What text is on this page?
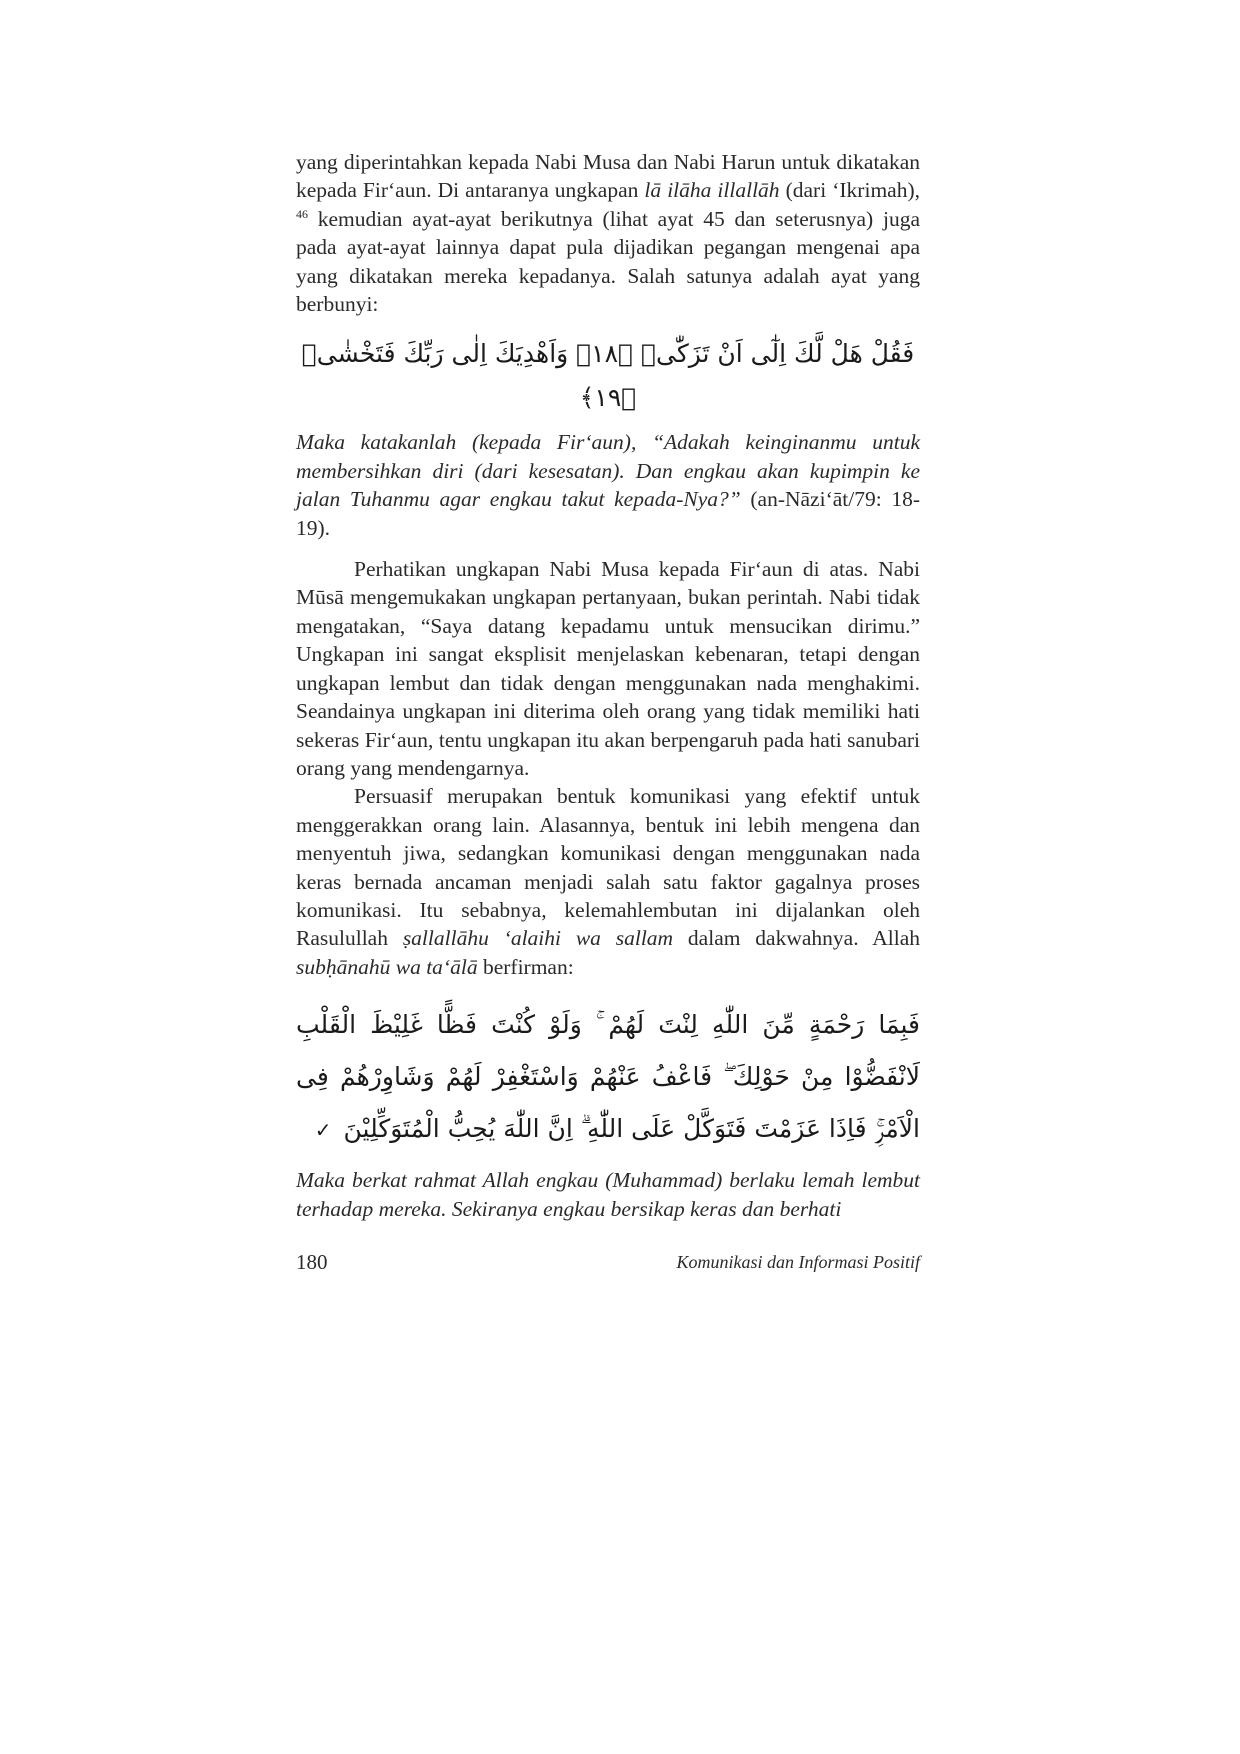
yang diperintahkan kepada Nabi Musa dan Nabi Harun untuk dikatakan kepada Fir‘aun. Di antaranya ungkapan lā ilāha illallāh (dari ‘Ikrimah), $^{46}$ kemudian ayat-ayat berikutnya (lihat ayat 45 dan seterusnya) juga pada ayat-ayat lainnya dapat pula dijadikan pegangan mengenai apa yang dikatakan mereka kepadanya. Salah satunya adalah ayat yang berbunyi:

فَقُلْ هَلْ لَّكَ اِلٰٓى اَنْ تَزَكّٰىۙ ﴿١٨﴾ وَاَهْدِيَكَ اِلٰى رَبِّكَ فَتَخْشٰىۚ ﴿١٩﴾

Maka katakanlah (kepada Fir‘aun), “Adakah keinginanmu untuk membersihkan diri (dari kesesatan). Dan engkau akan kupimpin ke jalan Tuhanmu agar engkau takut kepada-Nya?” (an-Nāzi‘āt/79: 18-19).

Perhatikan ungkapan Nabi Musa kepada Fir‘aun di atas. Nabi Mūsā mengemukakan ungkapan pertanyaan, bukan perintah. Nabi tidak mengatakan, “Saya datang kepadamu untuk mensucikan dirimu.” Ungkapan ini sangat eksplisit menjelaskan kebenaran, tetapi dengan ungkapan lembut dan tidak dengan menggunakan nada menghakimi. Seandainya ungkapan ini diterima oleh orang yang tidak memiliki hati sekeras Fir‘aun, tentu ungkapan itu akan berpengaruh pada hati sanubari orang yang mendengarnya.

Persuasif merupakan bentuk komunikasi yang efektif untuk menggerakkan orang lain. Alasannya, bentuk ini lebih mengena dan menyentuh jiwa, sedangkan komunikasi dengan menggunakan nada keras bernada ancaman menjadi salah satu faktor gagalnya proses komunikasi. Itu sebabnya, kelemahlembutan ini dijalankan oleh Rasulullah ṣallallāhu ‘alaihi wa sallam dalam dakwahnya. Allah subḥānahū wa ta‘ālā berfirman:

فَبِمَا رَحْمَةٍ مِّنَ اللّٰهِ لِنْتَ لَهُمْ ۚ وَلَوْ كُنْتَ فَظًّا غَلِيْظَ الْقَلْبِ لَانْفَضُّوْا مِنْ حَوْلِكَ ۖ فَاعْفُ عَنْهُمْ وَاسْتَغْفِرْ لَهُمْ وَشَاوِرْهُمْ فِى الْاَمْرِۚ فَاِذَا عَزَمْتَ فَتَوَكَّلْ عَلَى اللّٰهِ ۗ اِنَّ اللّٰهَ يُحِبُّ الْمُتَوَكِّلِيْنَ ✓

Maka berkat rahmat Allah engkau (Muhammad) berlaku lemah lembut terhadap mereka. Sekiranya engkau bersikap keras dan berhati

180	Komunikasi dan Informasi Positif
